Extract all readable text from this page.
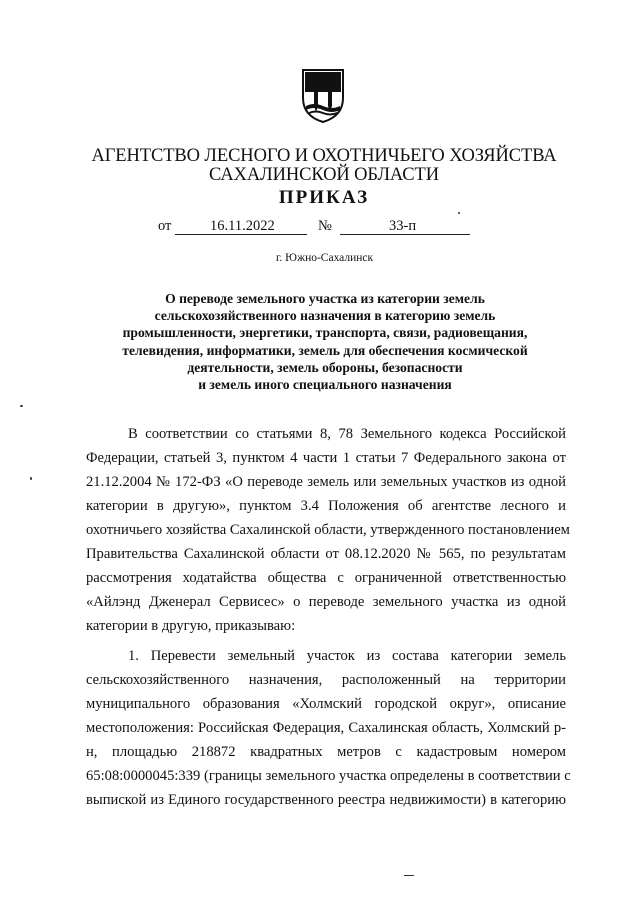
АГЕНТСТВО ЛЕСНОГО И ОХОТНИЧЬЕГО ХОЗЯЙСТВА
САХАЛИНСКОЙ ОБЛАСТИ
ПРИКАЗ
от	16.11.2022	№	33-п
г. Южно-Сахалинск
О переводе земельного участка из категории земель
сельскохозяйственного назначения в категорию земель
промышленности, энергетики, транспорта, связи, радиовещания,
телевидения, информатики, земель для обеспечения космической
деятельности, земель обороны, безопасности
и земель иного специального назначения
В соответствии со статьями 8, 78 Земельного кодекса Российской
Федерации, статьей 3, пунктом 4 части 1 статьи 7 Федерального закона от
21.12.2004 № 172-ФЗ «О переводе земель или земельных участков из одной
категории в другую», пунктом 3.4 Положения об агентстве лесного и
охотничьего хозяйства Сахалинской области, утвержденного постановлением
Правительства Сахалинской области от 08.12.2020 № 565, по результатам
рассмотрения ходатайства общества с ограниченной ответственностью
«Айлэнд Дженерал Сервисес» о переводе земельного участка из одной
категории в другую, приказываю:
1. Перевести земельный участок из состава категории земель
сельскохозяйственного назначения, расположенный на территории
муниципального образования «Холмский городской округ», описание
местоположения: Российская Федерация, Сахалинская область, Холмский р-
н, площадью 218872 квадратных метров с кадастровым номером
65:08:0000045:339 (границы земельного участка определены в соответствии с
выпиской из Единого государственного реестра недвижимости) в категорию
